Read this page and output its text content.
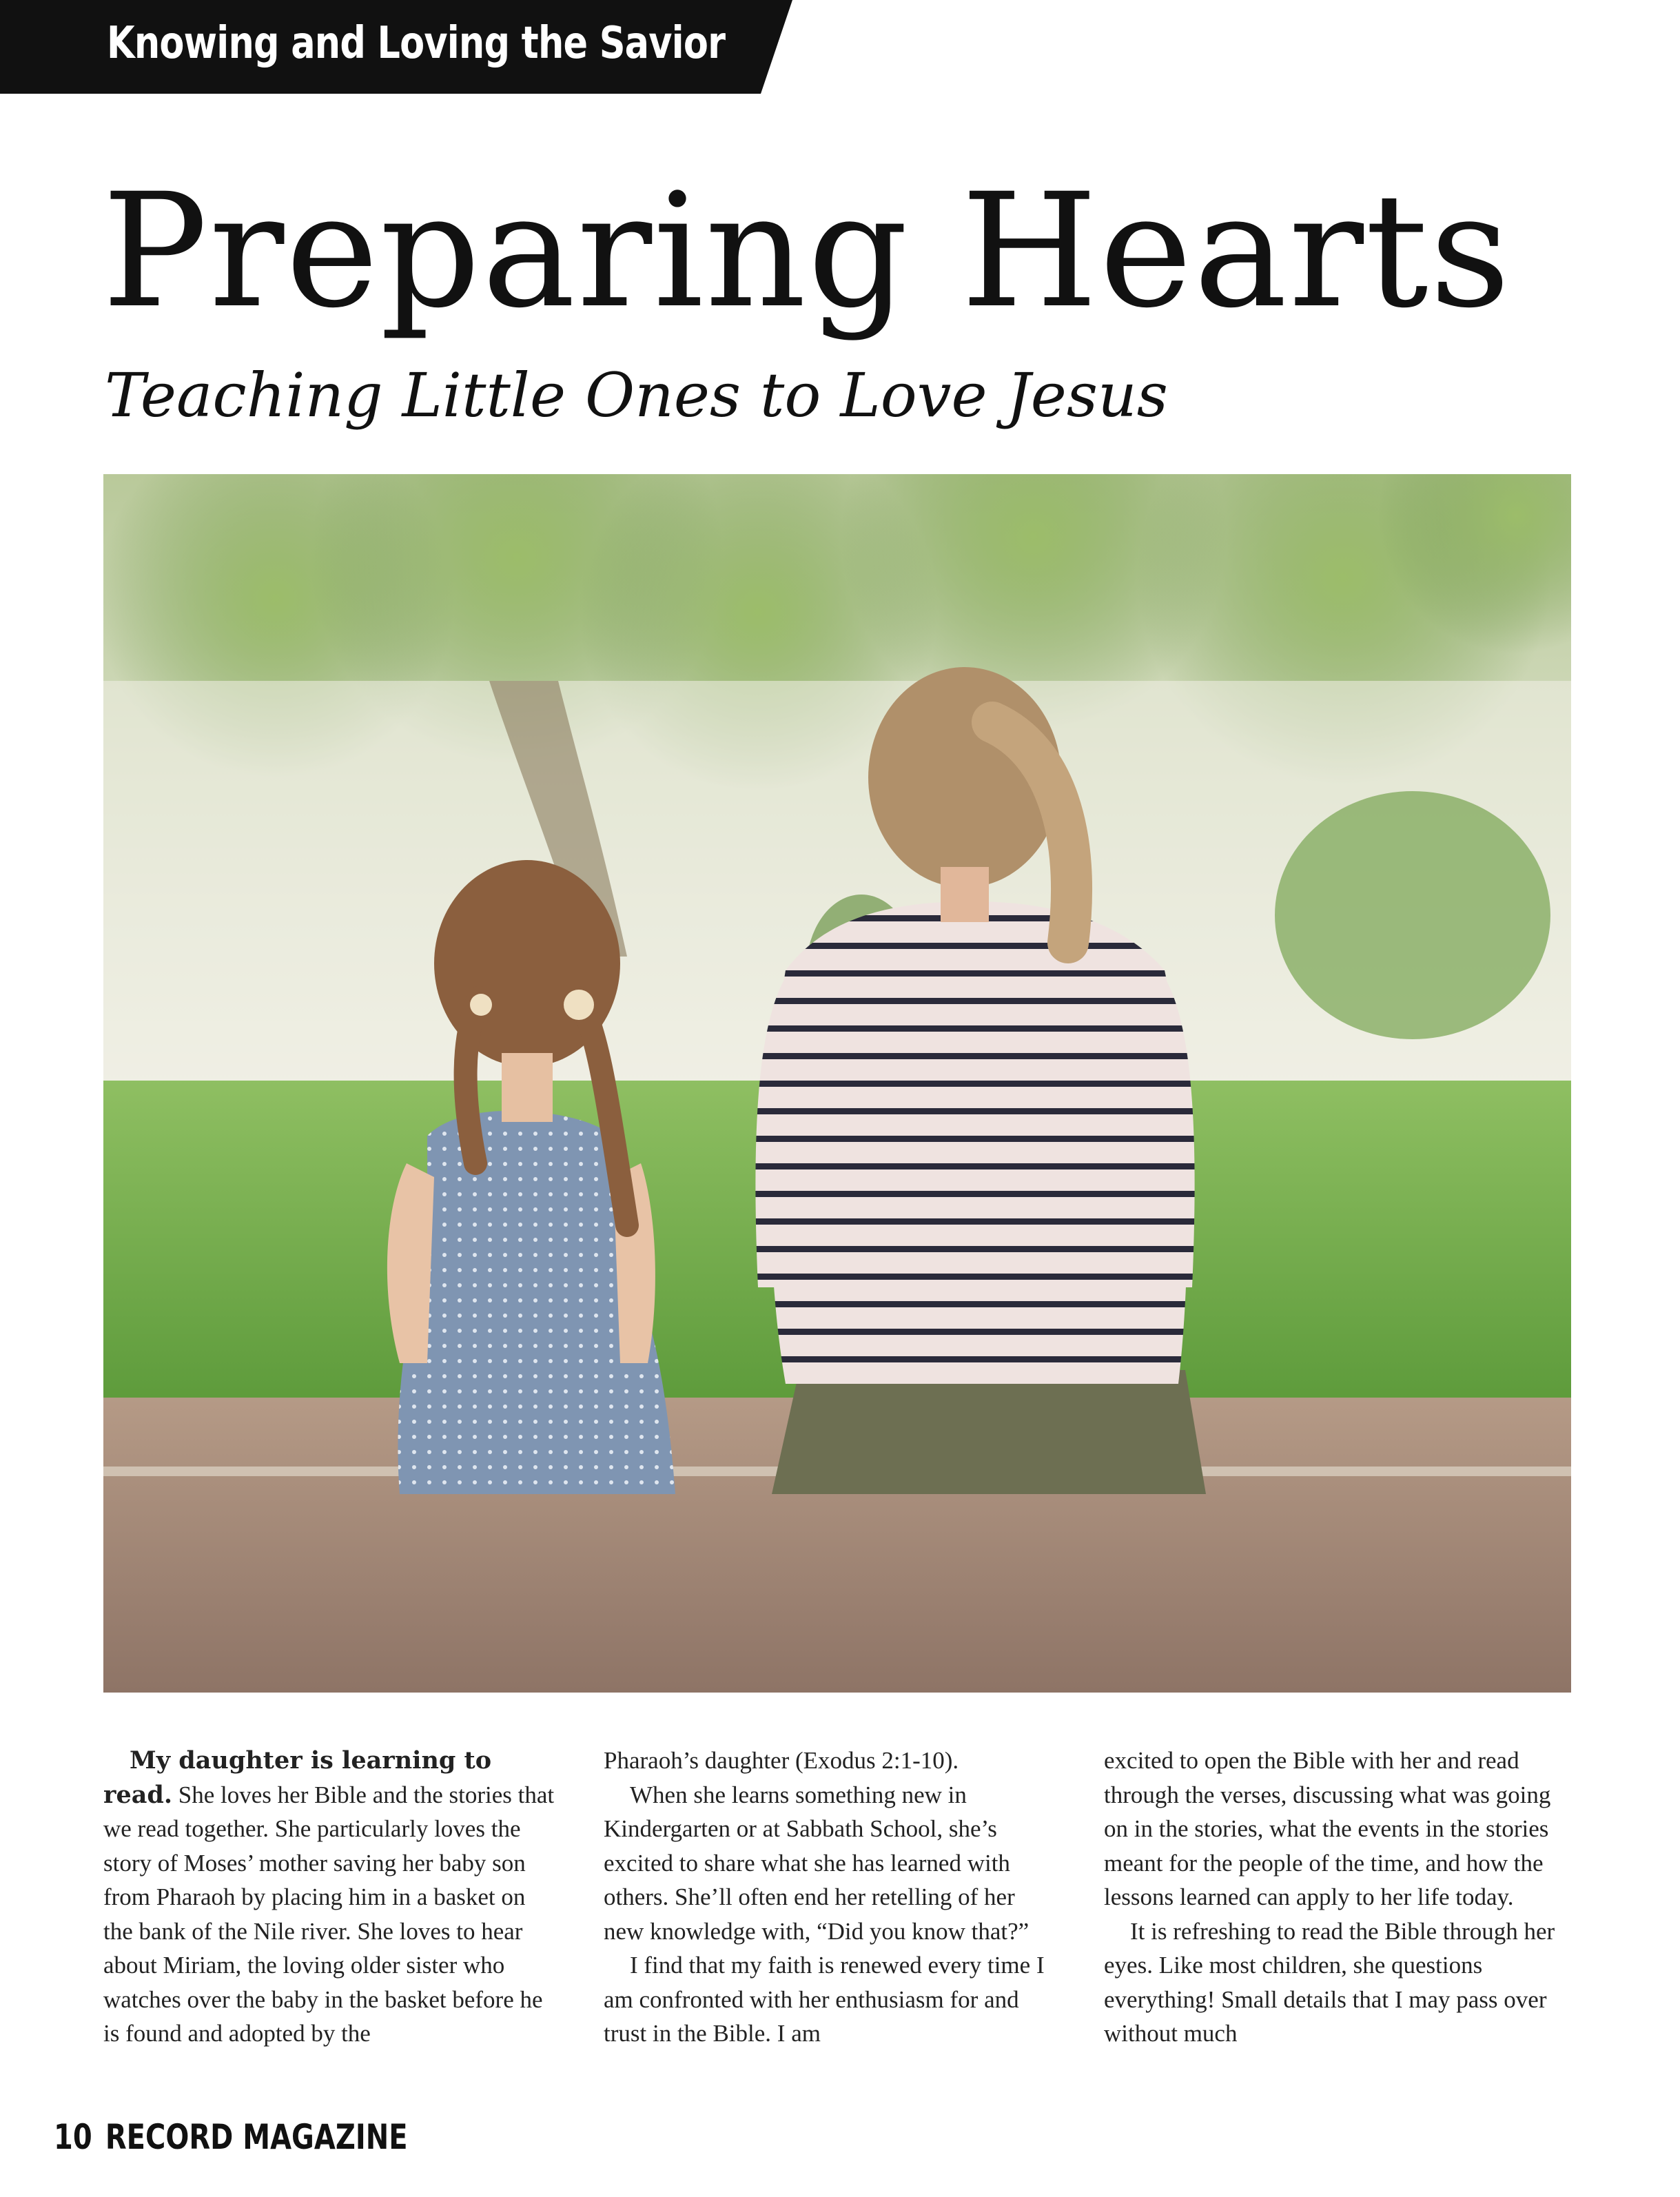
Knowing and Loving the Savior
Preparing Hearts
Teaching Little Ones to Love Jesus

My daughter is learning to read. She loves her Bible and the stories that we read together. She particularly loves the story of Moses’ mother saving her baby son from Pharaoh by placing him in a basket on the bank of the Nile river. She loves to hear about Miriam, the loving older sister who watches over the baby in the basket before he is found and adopted by the

Pharaoh’s daughter (Exodus 2:1-10).

When she learns something new in Kindergarten or at Sabbath School, she’s excited to share what she has learned with others. She’ll often end her retelling of her new knowledge with, “Did you know that?”

I find that my faith is renewed every time I am confronted with her enthusiasm for and trust in the Bible. I am

excited to open the Bible with her and read through the verses, discussing what was going on in the stories, what the events in the stories meant for the people of the time, and how the lessons learned can apply to her life today.

It is refreshing to read the Bible through her eyes. Like most children, she questions everything! Small details that I may pass over without much

10 RECORD MAGAZINE
